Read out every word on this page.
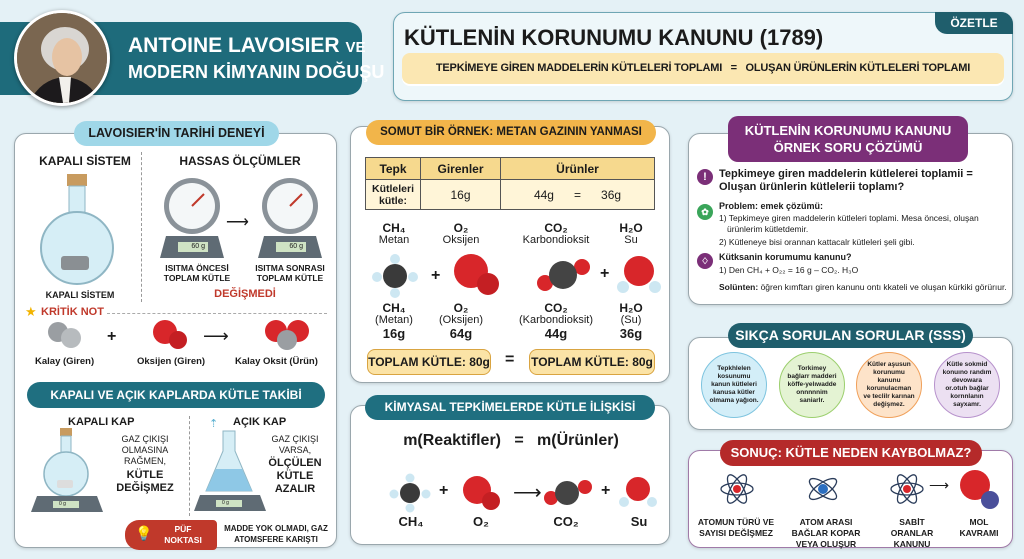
ANTOINE LAVOISIER VE
MODERN KİMYANIN DOĞUŞU
KÜTLENİN KORUNUMU KANUNU (1789)
ÖZETLE
TEPKİMEYE GİREN MADDELERİN KÜTLELERİ TOPLAMI = OLUŞAN ÜRÜNLERİN KÜTLELERİ TOPLAMI
KAPALI SİSTEM
KAPALI SİSTEM
HASSAS ÖLÇÜMLER
60 g
⟶
60 g
ISITMA ÖNCESİ TOPLAM KÜTLE
ISITMA SONRASI TOPLAM KÜTLE
DEĞİŞMEDİ
★ KRİTİK NOT
+	⟶
Kalay (Giren)	Oksijen (Giren)	Kalay Oksit (Ürün)
KAPALI VE AÇIK KAPLARDA KÜTLE TAKİBİ
KAPALI KAP
0 g
GAZ ÇIKIŞI OLMASINA RAĞMEN,
KÜTLE DEĞİŞMEZ
⇡ AÇIK KAP
0 g
GAZ ÇIKIŞI VARSA,
ÖLÇÜLEN KÜTLE AZALIR
💡	PÜF NOKTASI
MADDE YOK OLMADI, GAZ ATOMSFERE KARIŞTI
LAVOISIER'İN TARİHİ DENEYİ
Tepk	Girenler	Ürünler
Kütleleri kütle:	16g	44g = 36g
CH₄
Metan
O₂
Oksijen
CO₂
Karbondioksit
H₂O
Su
+	+
CH₄
(Metan)
16g
O₂
(Oksijen)
64g
CO₂
(Karbondioksit)
44g
H₂O
(Su)
36g
TOPLAM KÜTLE: 80g = TOPLAM KÜTLE: 80g
SOMUT BİR ÖRNEK: METAN GAZININ YANMASI
m(Reaktifler)   =   m(Ürünler)
+	⟶	+
CH₄	O₂	CO₂	Su
KİMYASAL TEPKİMELERDE KÜTLE İLİŞKİSİ
!	Tepkimeye giren maddelerin kütlelerei toplamii = Oluşan ürünlerin kütlelerii toplamı?
✿
Problem: emek çözümü:
1) Tepkimeye giren maddelerin kütleleri toplami. Mesa öncesi, oluşan ürünlerim kütletdemir.
2) Kütleneye bisi orannan kattacalr kütleleri şeli gibi.
♢	Kütksanin korumumu kanunu?
1) Den CH₄ + O₂₂ = 16 g – CO₂. H₃O
Solünten: öğren kımftarı giren kanunu ontı kkateli ve oluşan kürkiki görürıur.
KÜTLENİN KORUNUMU KANUNU
ÖRNEK SORU ÇÖZÜMÜ
Tepkhlelen kosunumu kanun kütleleri kanusa kütler olmama yağıon.
Torkimey bağlarr madderi köffe-yelıwadde onnnnnim saniarlr.
Kütler aşusun korunumu kanunu korunulacman ve teclilr karınan değişmez.
Kütle sokmid konuıno randım devowara or.otuh bağlar kornnlanın sayxamr.
SIKÇA SORULAN SORULAR (SSS)
⟶
ATOMUN TÜRÜ VE SAYISI DEĞİŞMEZ
ATOM ARASI BAĞLAR KOPAR VEYA OLUŞUR
SABİT ORANLAR KANUNU
MOL KAVRAMI
SONUÇ: KÜTLE NEDEN KAYBOLMAZ?
